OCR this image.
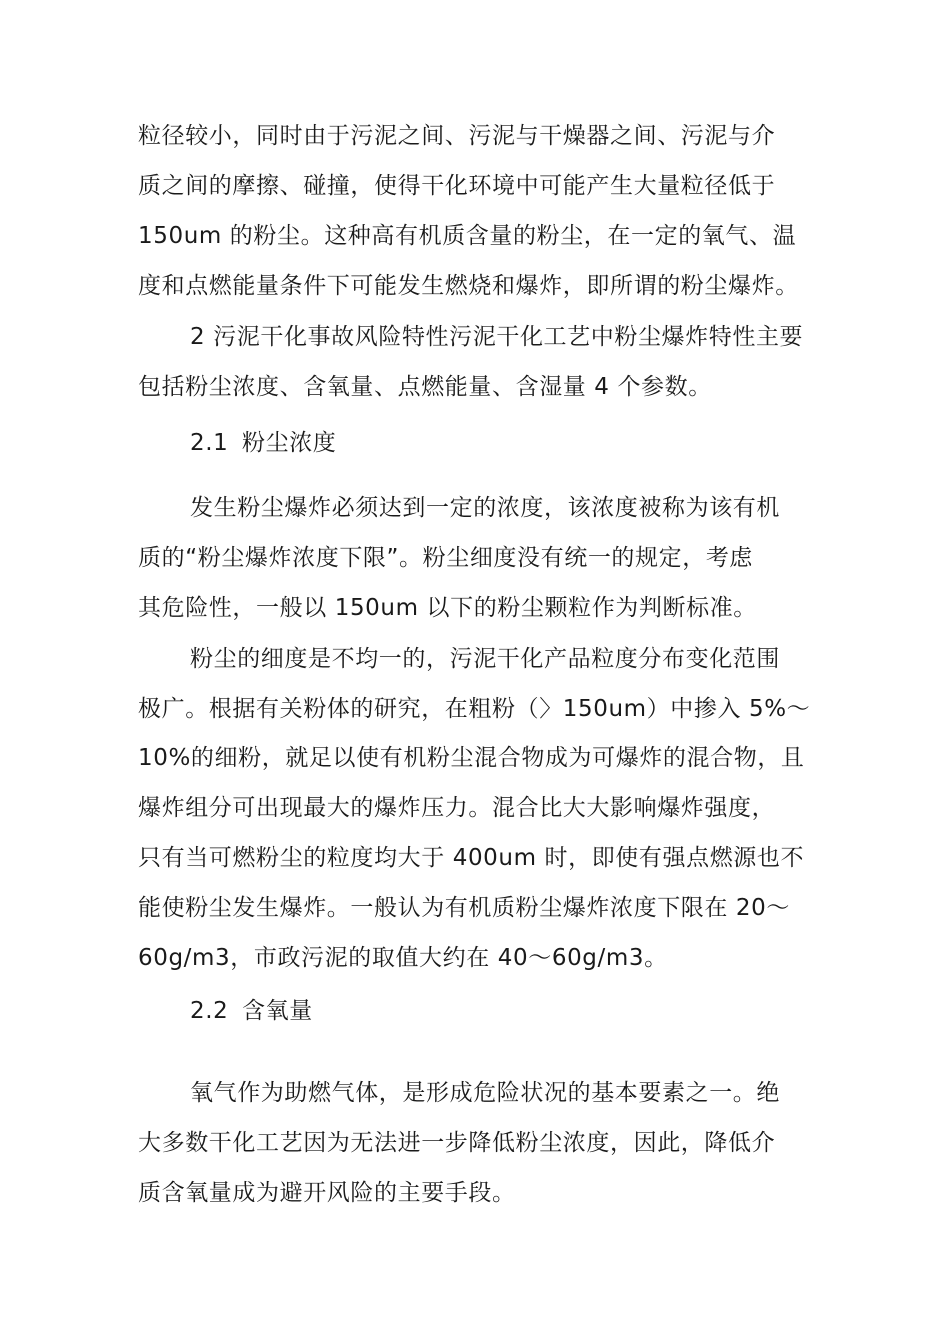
粒径较小，同时由于污泥之间、污泥与干燥器之间、污泥与介
质之间的摩擦、碰撞，使得干化环境中可能产生大量粒径低于
150um 的粉尘。这种高有机质含量的粉尘，在一定的氧气、温
度和点燃能量条件下可能发生燃烧和爆炸，即所谓的粉尘爆炸。
2 污泥干化事故风险特性污泥干化工艺中粉尘爆炸特性主要
包括粉尘浓度、含氧量、点燃能量、含湿量 4 个参数。
2.1 粉尘浓度
发生粉尘爆炸必须达到一定的浓度，该浓度被称为该有机
质的“粉尘爆炸浓度下限”。粉尘细度没有统一的规定，考虑
其危险性，一般以 150um 以下的粉尘颗粒作为判断标准。
粉尘的细度是不均一的，污泥干化产品粒度分布变化范围
极广。根据有关粉体的研究，在粗粉（〉150um）中掺入 5%～
10%的细粉，就足以使有机粉尘混合物成为可爆炸的混合物，且
爆炸组分可出现最大的爆炸压力。混合比大大影响爆炸强度，
只有当可燃粉尘的粒度均大于 400um 时，即使有强点燃源也不
能使粉尘发生爆炸。一般认为有机质粉尘爆炸浓度下限在 20～
60g/m3，市政污泥的取值大约在 40～60g/m3。
2.2 含氧量
氧气作为助燃气体，是形成危险状况的基本要素之一。绝
大多数干化工艺因为无法进一步降低粉尘浓度，因此，降低介
质含氧量成为避开风险的主要手段。
